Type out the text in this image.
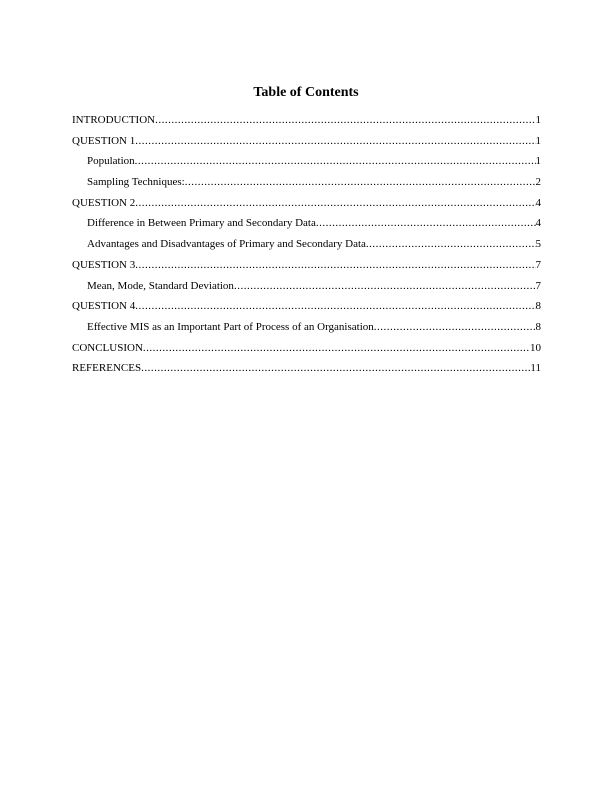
Table of Contents
INTRODUCTION .....	1
QUESTION 1 .....	1
Population .....	1
Sampling Techniques: .....	2
QUESTION 2 .....	4
Difference in Between Primary and Secondary Data .....	4
Advantages and Disadvantages of Primary and Secondary Data .....	5
QUESTION 3 .....	7
Mean, Mode, Standard Deviation .....	7
QUESTION 4 .....	8
Effective MIS as an Important Part of Process of an Organisation .....	8
CONCLUSION .....	10
REFERENCES .....	11
